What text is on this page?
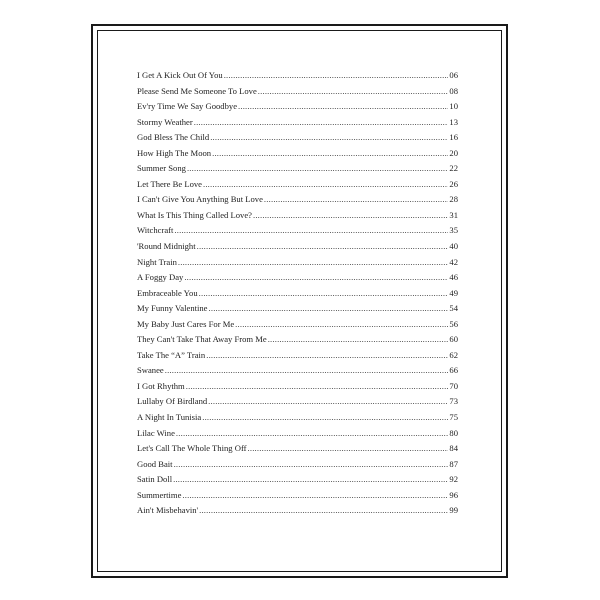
I Get A Kick Out Of You .....	06
Please Send Me Someone To Love .....	08
Ev'ry Time We Say Goodbye .....	10
Stormy Weather .....	13
God Bless The Child .....	16
How High The Moon .....	20
Summer Song .....	22
Let There Be Love .....	26
I Can't Give You Anything But Love .....	28
What Is This Thing Called Love? .....	31
Witchcraft .....	35
'Round Midnight .....	40
Night Train .....	42
A Foggy Day .....	46
Embraceable You .....	49
My Funny Valentine .....	54
My Baby Just Cares For Me .....	56
They Can't Take That Away From Me .....	60
Take The “A” Train .....	62
Swanee .....	66
I Got Rhythm .....	70
Lullaby Of Birdland .....	73
A Night In Tunisia .....	75
Lilac Wine .....	80
Let's Call The Whole Thing Off .....	84
Good Bait .....	87
Satin Doll .....	92
Summertime .....	96
Ain't Misbehavin' .....	99
